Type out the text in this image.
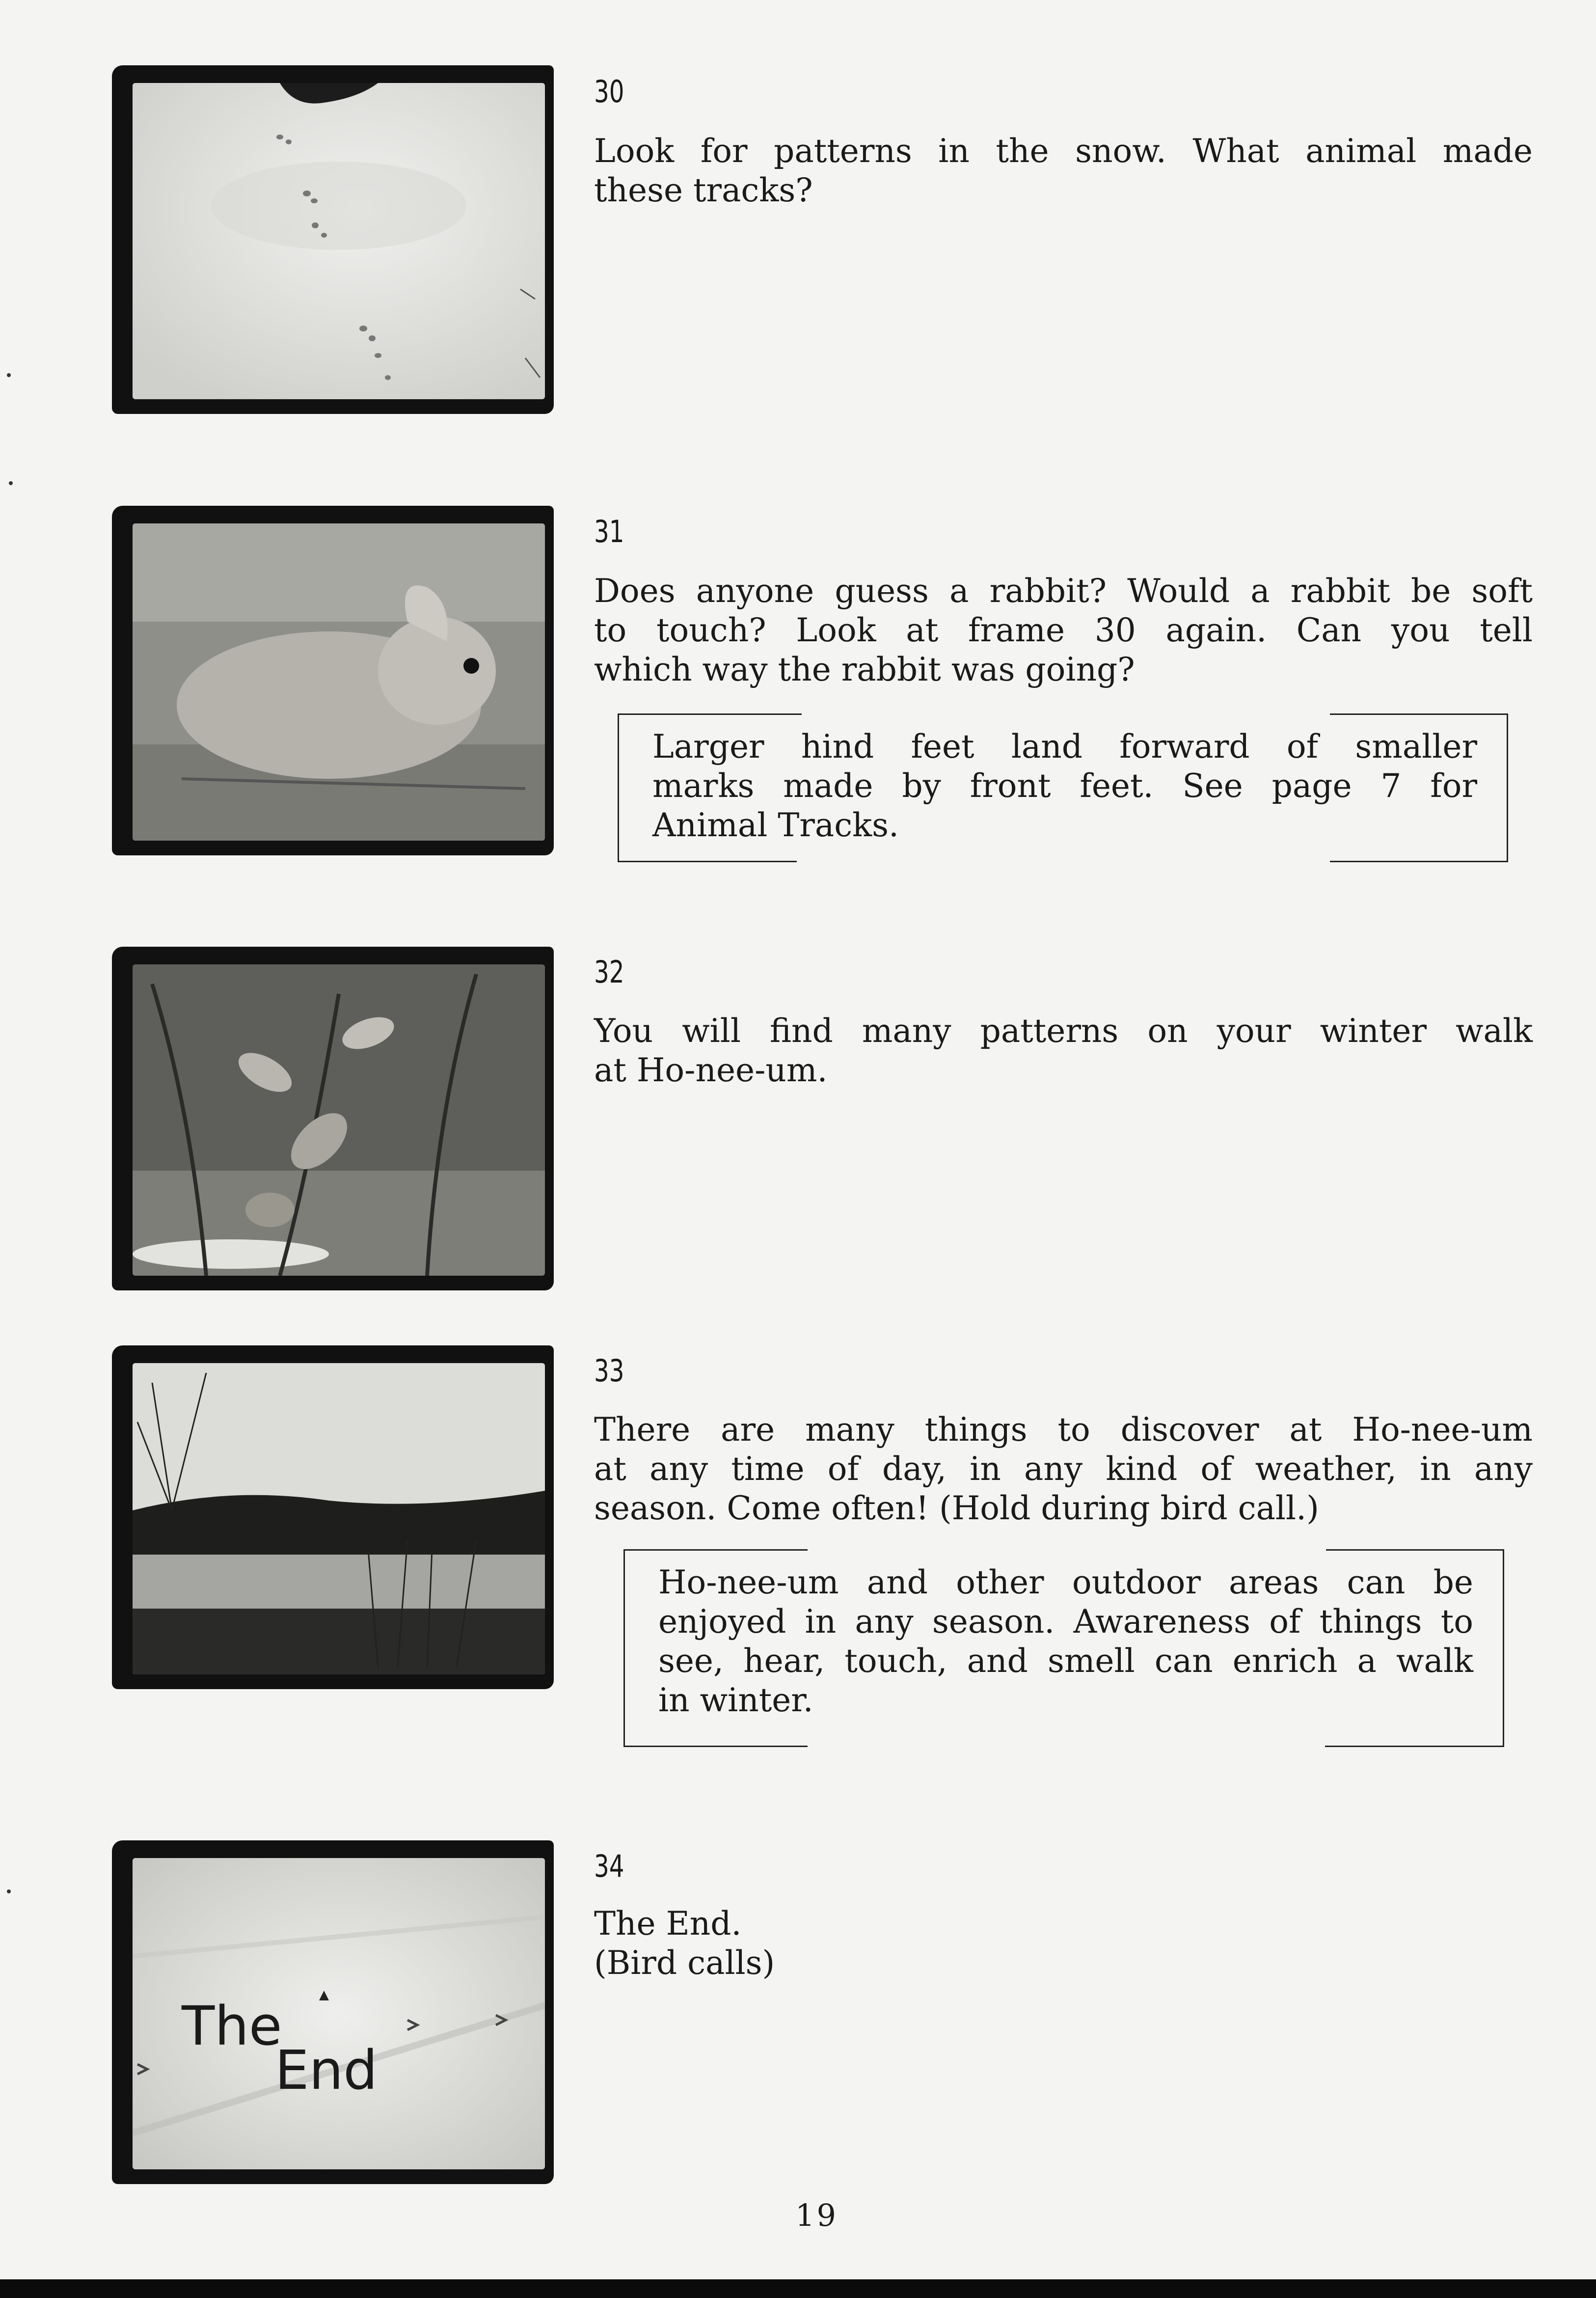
30

Look for patterns in the snow. What animal made
these tracks?

31

Does anyone guess a rabbit? Would a rabbit be soft
to touch? Look at frame 30 again. Can you tell
which way the rabbit was going?

Larger hind feet land forward of smaller
marks made by front feet. See page 7 for
Animal Tracks.
32

You will find many patterns on your winter walk
at Ho-nee-um.

33

There are many things to discover at Ho-nee-um
at any time of day, in any kind of weather, in any
season. Come often! (Hold during bird call.)

Ho-nee-um and other outdoor areas can be
enjoyed in any season. Awareness of things to
see, hear, touch, and smell can enrich a walk
in winter.
The
End
34

The End.
(Bird calls)

19
